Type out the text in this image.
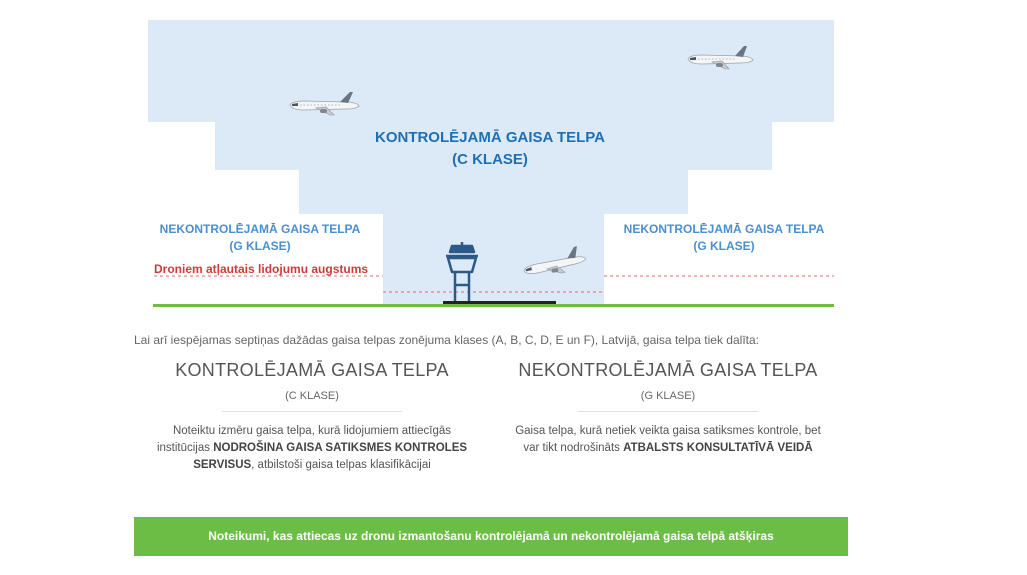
KONTROLĒJAMĀ GAISA TELPA
(C KLASE)
NEKONTROLĒJAMĀ GAISA TELPA
(G KLASE)
NEKONTROLĒJAMĀ GAISA TELPA
(G KLASE)
Droniem atļautais lidojumu augstums
Lai arī iespējamas septiņas dažādas gaisa telpas zonējuma klases (A, B, C, D, E un F), Latvijā, gaisa telpa tiek dalīta:
KONTROLĒJAMĀ GAISA TELPA
(C KLASE)
Noteiktu izmēru gaisa telpa, kurā lidojumiem attiecīgās institūcijas NODROŠINA GAISA SATIKSMES KONTROLES SERVISUS, atbilstoši gaisa telpas klasifikācijai
NEKONTROLĒJAMĀ GAISA TELPA
(G KLASE)
Gaisa telpa, kurā netiek veikta gaisa satiksmes kontrole, bet var tikt nodrošināts ATBALSTS KONSULTATĪVĀ VEIDĀ
Noteikumi, kas attiecas uz dronu izmantošanu kontrolējamā un nekontrolējamā gaisa telpā atšķiras
